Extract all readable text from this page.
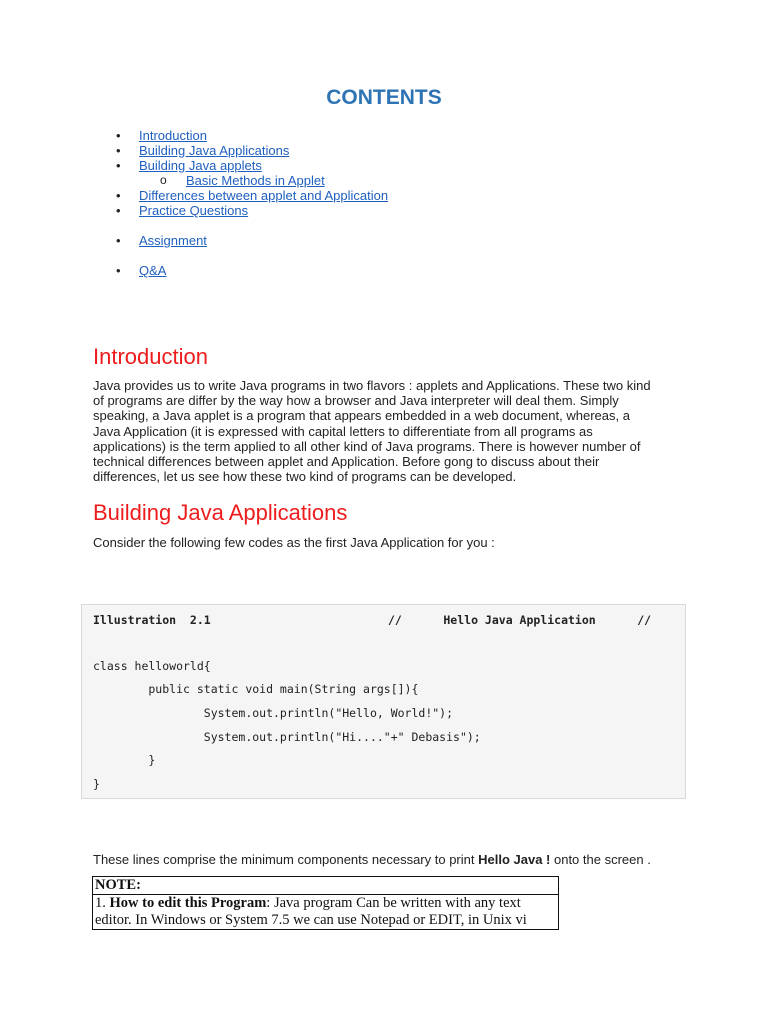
CONTENTS
• Introduction
• Building Java Applications
• Building Java applets
o Basic Methods in Applet
• Differences between applet and Application
• Practice Questions
• Assignment
• Q&A
Introduction
Java provides us to write Java programs in two flavors : applets and Applications. These two kind
of programs are differ by the way how a browser and Java interpreter will deal them. Simply
speaking, a Java applet is a program that appears embedded in a web document, whereas, a
Java Application (it is expressed with capital letters to differentiate from all programs as
applications) is the term applied to all other kind of Java programs. There is however number of
technical differences between applet and Application. Before gong to discuss about their
differences, let us see how these two kind of programs can be developed.
Building Java Applications
Consider the following few codes as the first Java Application for you :
Illustration  2.1	//      Hello Java Application      //
class helloworld{
public static void main(String args[]){
System.out.println("Hello, World!");
System.out.println("Hi...."+" Debasis");
}
}
These lines comprise the minimum components necessary to print Hello Java ! onto the screen .
NOTE:

1. How to edit this Program: Java program Can be written with any text
editor. In Windows or System 7.5 we can use Notepad or EDIT, in Unix vi
